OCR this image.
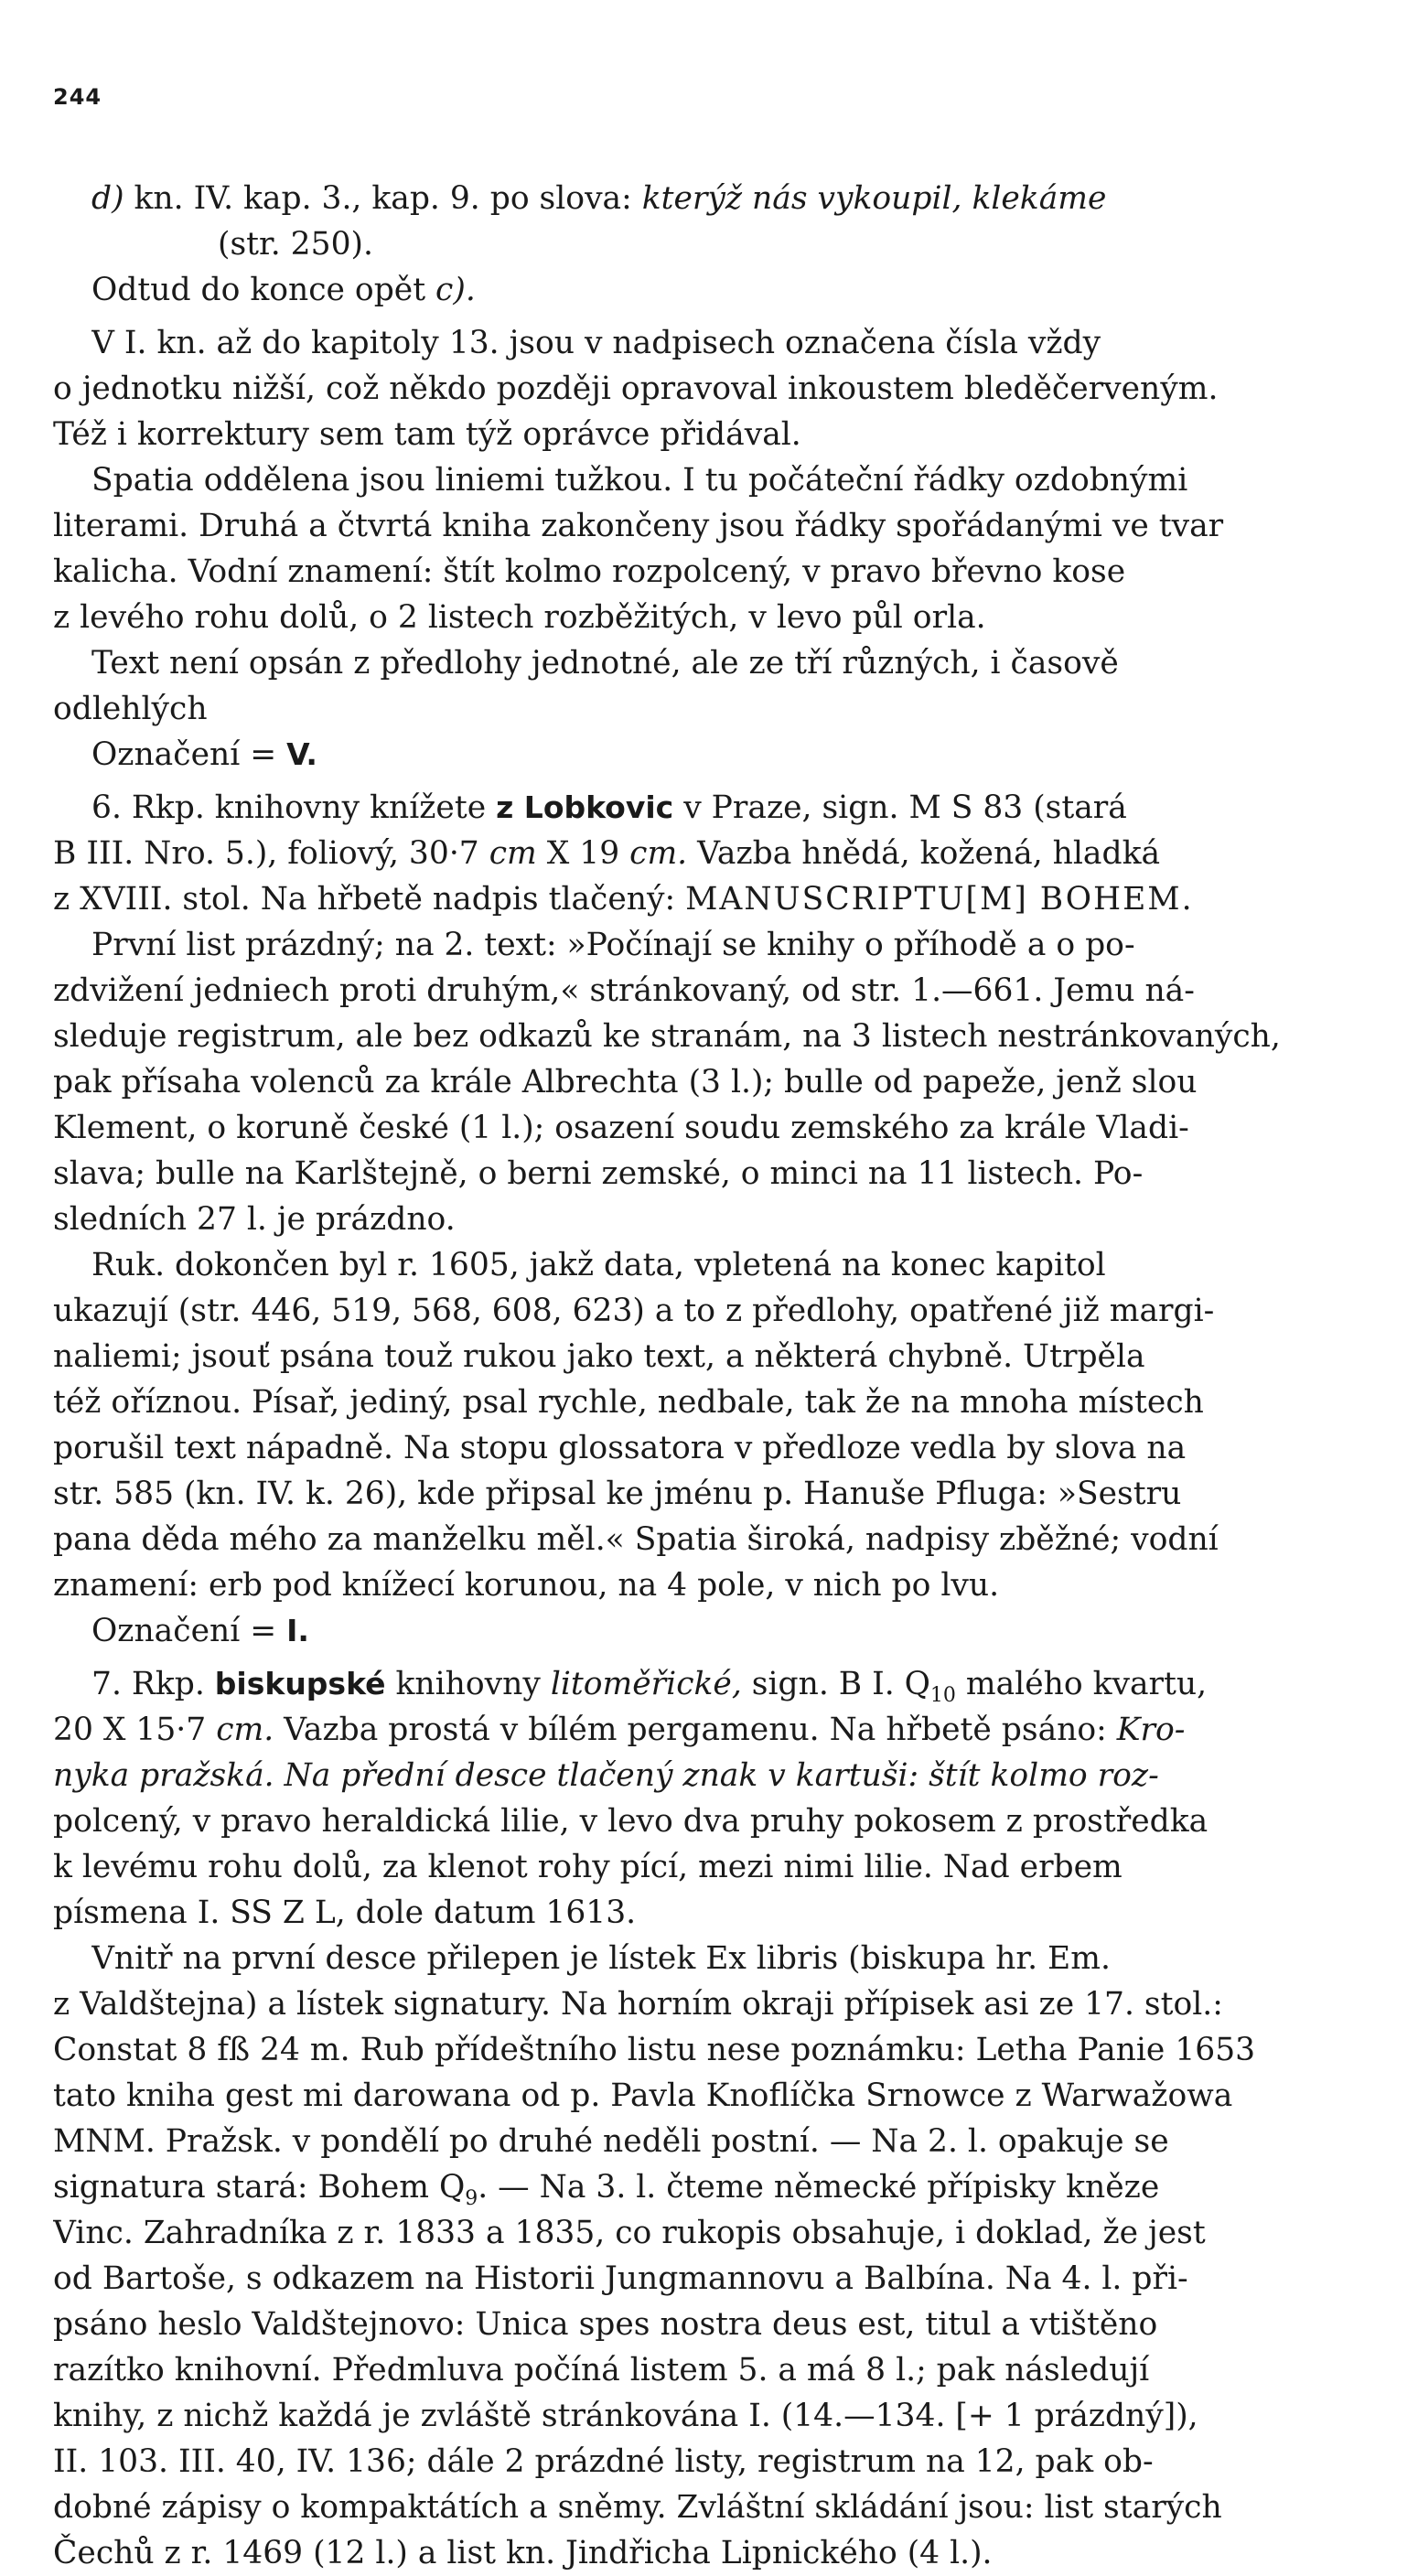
244
d) kn. IV. kap. 3., kap. 9. po slova: kterýž nás vykoupil, klekáme
(str. 250).
Odtud do konce opět c).
V I. kn. až do kapitoly 13. jsou v nadpisech označena čísla vždy
o jednotku nižší, což někdo později opravoval inkoustem bleděčerveným.
Též i korrektury sem tam týž oprávce přidával.
Spatia oddělena jsou liniemi tužkou. I tu počáteční řádky ozdobnými
literami. Druhá a čtvrtá kniha zakončeny jsou řádky spořádanými ve tvar
kalicha. Vodní znamení: štít kolmo rozpolcený, v pravo břevno kose
z levého rohu dolů, o 2 listech rozběžitých, v levo půl orla.
Text není opsán z předlohy jednotné, ale ze tří různých, i časově
odlehlých
Označení = V.
6. Rkp. knihovny knížete z Lobkovic v Praze, sign. M S 83 (stará
B III. Nro. 5.), foliový, 30·7 cm X 19 cm. Vazba hnědá, kožená, hladká
z XVIII. stol. Na hřbetě nadpis tlačený: MANUSCRIPTU[M] BOHEM.
První list prázdný; na 2. text: »Počínají se knihy o příhodě a o po-
zdvižení jedniech proti druhým,« stránkovaný, od str. 1.—661. Jemu ná-
sleduje registrum, ale bez odkazů ke stranám, na 3 listech nestránkovaných,
pak přísaha volenců za krále Albrechta (3 l.); bulle od papeže, jenž slou
Klement, o koruně české (1 l.); osazení soudu zemského za krále Vladi-
slava; bulle na Karlštejně, o berni zemské, o minci na 11 listech. Po-
sledních 27 l. je prázdno.
Ruk. dokončen byl r. 1605, jakž data, vpletená na konec kapitol
ukazují (str. 446, 519, 568, 608, 623) a to z předlohy, opatřené již margi-
naliemi; jsouť psána touž rukou jako text, a některá chybně. Utrpěla
též oříznou. Písař, jediný, psal rychle, nedbale, tak že na mnoha místech
porušil text nápadně. Na stopu glossatora v předloze vedla by slova na
str. 585 (kn. IV. k. 26), kde připsal ke jménu p. Hanuše Pfluga: »Sestru
pana děda mého za manželku měl.« Spatia široká, nadpisy zběžné; vodní
znamení: erb pod knížecí korunou, na 4 pole, v nich po lvu.
Označení = I.
7. Rkp. biskupské knihovny litoměřické, sign. B I. $Q_{10}$ malého kvartu,
20 X 15·7 cm. Vazba prostá v bílém pergamenu. Na hřbetě psáno: Kro-
nyka pražská. Na přední desce tlačený znak v kartuši: štít kolmo roz-
polcený, v pravo heraldická lilie, v levo dva pruhy pokosem z prostředka
k levému rohu dolů, za klenot rohy pící, mezi nimi lilie. Nad erbem
písmena I. SS Z L, dole datum 1613.
Vnitř na první desce přilepen je lístek Ex libris (biskupa hr. Em.
z Valdštejna) a lístek signatury. Na horním okraji přípisek asi ze 17. stol.:
Constat 8 fß 24 m. Rub přídeštního listu nese poznámku: Letha Panie 1653
tato kniha gest mi darowana od p. Pavla Knoflíčka Srnowce z Warwažowa
MNM. Pražsk. v pondělí po druhé neděli postní. — Na 2. l. opakuje se
signatura stará: Bohem $Q_9$. — Na 3. l. čteme německé přípisky kněze
Vinc. Zahradníka z r. 1833 a 1835, co rukopis obsahuje, i doklad, že jest
od Bartoše, s odkazem na Historii Jungmannovu a Balbína. Na 4. l. při-
psáno heslo Valdštejnovo: Unica spes nostra deus est, titul a vtištěno
razítko knihovní. Předmluva počíná listem 5. a má 8 l.; pak následují
knihy, z nichž každá je zvláště stránkována I. (14.—134. [+ 1 prázdný]),
II. 103. III. 40, IV. 136; dále 2 prázdné listy, registrum na 12, pak ob-
dobné zápisy o kompaktátích a sněmy. Zvláštní skládání jsou: list starých
Čechů z r. 1469 (12 l.) a list kn. Jindřicha Lipnického (4 l.).
